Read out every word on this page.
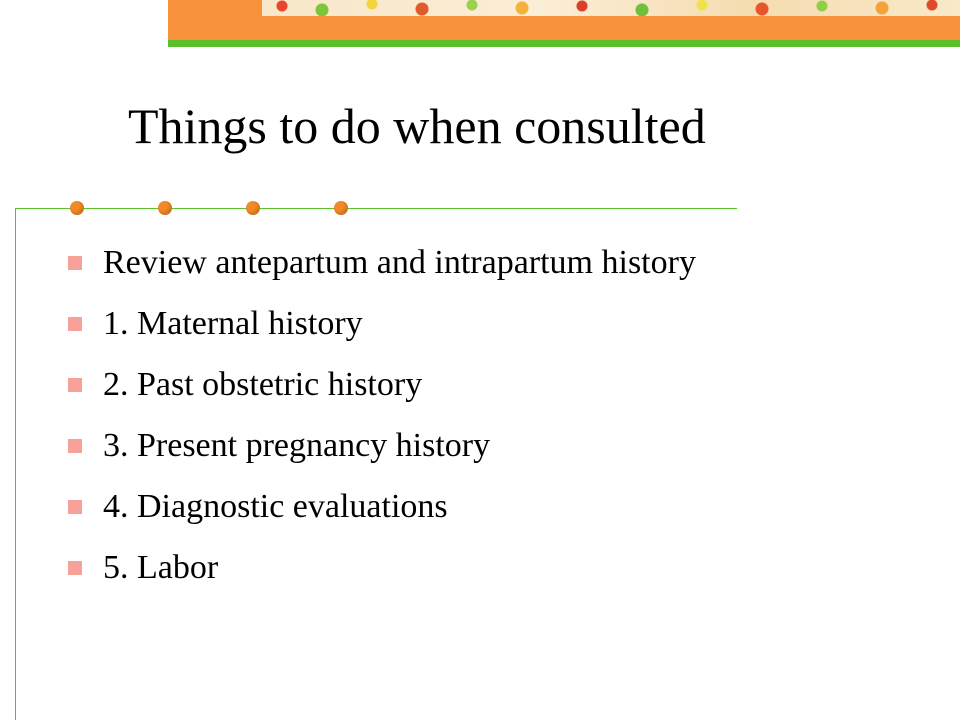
Things to do when consulted
Review antepartum and intrapartum history
1. Maternal history
2. Past obstetric history
3. Present pregnancy history
4. Diagnostic evaluations
5. Labor
